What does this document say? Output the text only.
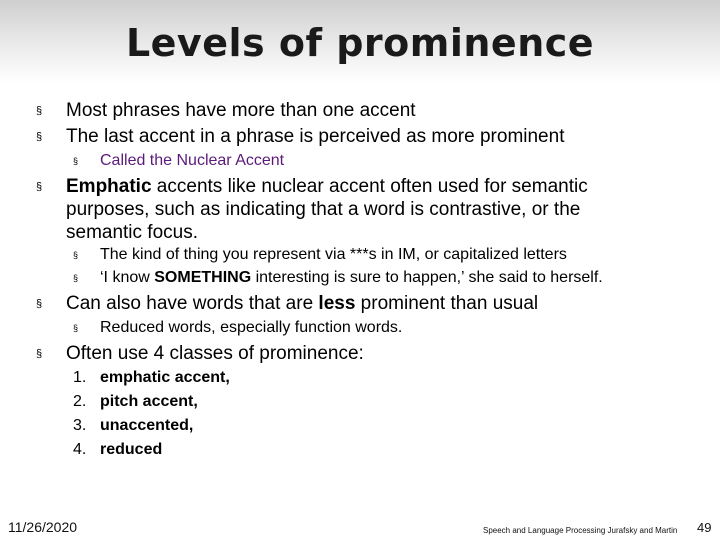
Levels of prominence
§ Most phrases have more than one accent
§ The last accent in a phrase is perceived as more prominent
§ Called the Nuclear Accent
§ Emphatic accents like nuclear accent often used for semantic
purposes, such as indicating that a word is contrastive, or the
semantic focus.
§ The kind of thing you represent via ***s in IM, or capitalized letters
§ ‘I know SOMETHING interesting is sure to happen,’ she said to herself.
§ Can also have words that are less prominent than usual
§ Reduced words, especially function words.
§ Often use 4 classes of prominence:
1. emphatic accent,
2. pitch accent,
3. unaccented,
4. reduced
11/26/2020	Speech and Language Processing Jurafsky and Martin 49
